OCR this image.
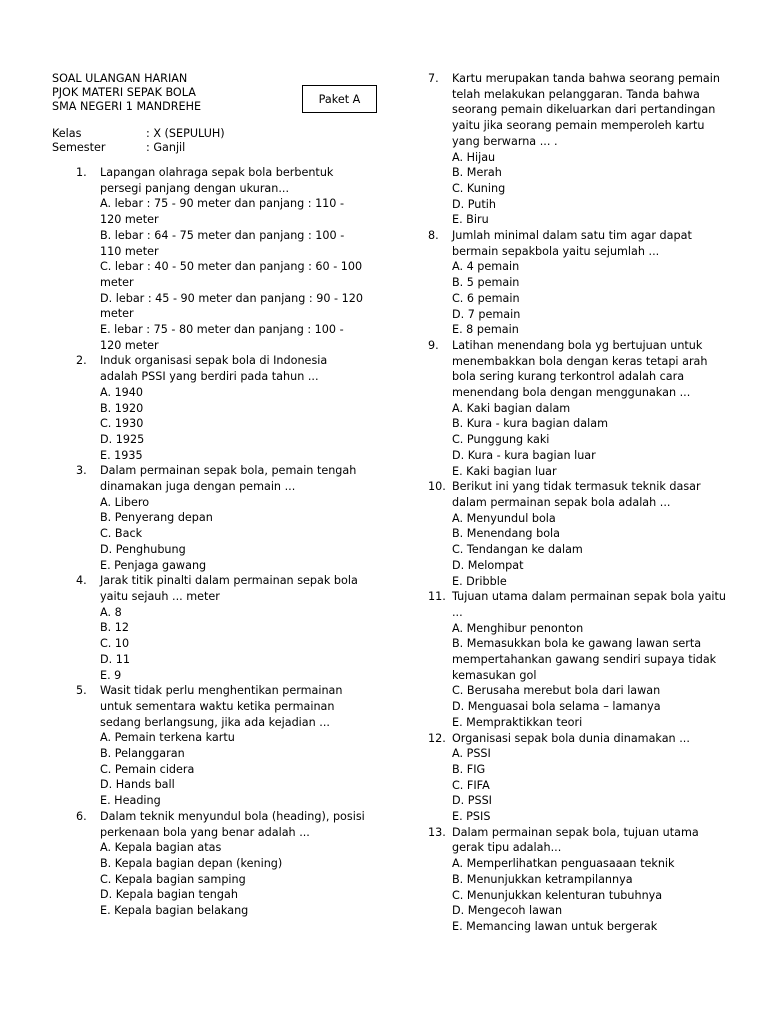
SOAL ULANGAN HARIAN
PJOK MATERI SEPAK BOLA
SMA NEGERI 1 MANDREHE
Paket A
Kelas	: X (SEPULUH)
Semester	: Ganjil
1.	Lapangan olahraga sepak bola berbentuk persegi panjang dengan ukuran...
A. lebar : 75 - 90 meter dan panjang : 110 - 120 meter
B. lebar : 64 - 75 meter dan panjang : 100 - 110 meter
C. lebar : 40 - 50 meter dan panjang : 60 - 100 meter
D. lebar : 45 - 90 meter dan panjang : 90 - 120 meter
E. lebar : 75 - 80 meter dan panjang : 100 - 120 meter
2.	Induk organisasi sepak bola di Indonesia adalah PSSI yang berdiri pada tahun ...
A. 1940
B. 1920
C. 1930
D. 1925
E. 1935
3.	Dalam permainan sepak bola, pemain tengah dinamakan juga dengan pemain ...
A. Libero
B. Penyerang depan
C. Back
D. Penghubung
E. Penjaga gawang
4.	Jarak titik pinalti dalam permainan sepak bola yaitu sejauh ... meter
A. 8
B. 12
C. 10
D. 11
E. 9
5.	Wasit tidak perlu menghentikan permainan untuk sementara waktu ketika permainan sedang berlangsung, jika ada kejadian ...
A. Pemain terkena kartu
B. Pelanggaran
C. Pemain cidera
D. Hands ball
E. Heading
6.	Dalam teknik menyundul bola (heading), posisi perkenaan bola yang benar adalah ...
A. Kepala bagian atas
B. Kepala bagian depan (kening)
C. Kepala bagian samping
D. Kepala bagian tengah
E. Kepala bagian belakang
7.	Kartu merupakan tanda bahwa seorang pemain telah melakukan pelanggaran. Tanda bahwa seorang pemain dikeluarkan dari pertandingan yaitu jika seorang pemain memperoleh kartu yang berwarna ... .
A. Hijau
B. Merah
C. Kuning
D. Putih
E. Biru
8.	Jumlah minimal dalam satu tim agar dapat bermain sepakbola yaitu sejumlah ...
A. 4 pemain
B. 5 pemain
C. 6 pemain
D. 7 pemain
E. 8 pemain
9.	Latihan menendang bola yg bertujuan untuk menembakkan bola dengan keras tetapi arah bola sering kurang terkontrol adalah cara menendang bola dengan menggunakan ...
A. Kaki bagian dalam
B. Kura - kura bagian dalam
C. Punggung kaki
D. Kura - kura bagian luar
E. Kaki bagian luar
10. Berikut ini yang tidak termasuk teknik dasar dalam permainan sepak bola adalah ...
A. Menyundul bola
B. Menendang bola
C. Tendangan ke dalam
D. Melompat
E. Dribble
11. Tujuan utama dalam permainan sepak bola yaitu ...
A. Menghibur penonton
B. Memasukkan bola ke gawang lawan serta mempertahankan gawang sendiri supaya tidak kemasukan gol
C. Berusaha merebut bola dari lawan
D. Menguasai bola selama – lamanya
E. Mempraktikkan teori
12. Organisasi sepak bola dunia dinamakan ...
A. PSSI
B. FIG
C. FIFA
D. PSSI
E. PSIS
13. Dalam permainan sepak bola, tujuan utama gerak tipu adalah...
A. Memperlihatkan penguasaaan teknik
B. Menunjukkan ketrampilannya
C. Menunjukkan kelenturan tubuhnya
D. Mengecoh lawan
E. Memancing lawan untuk bergerak
